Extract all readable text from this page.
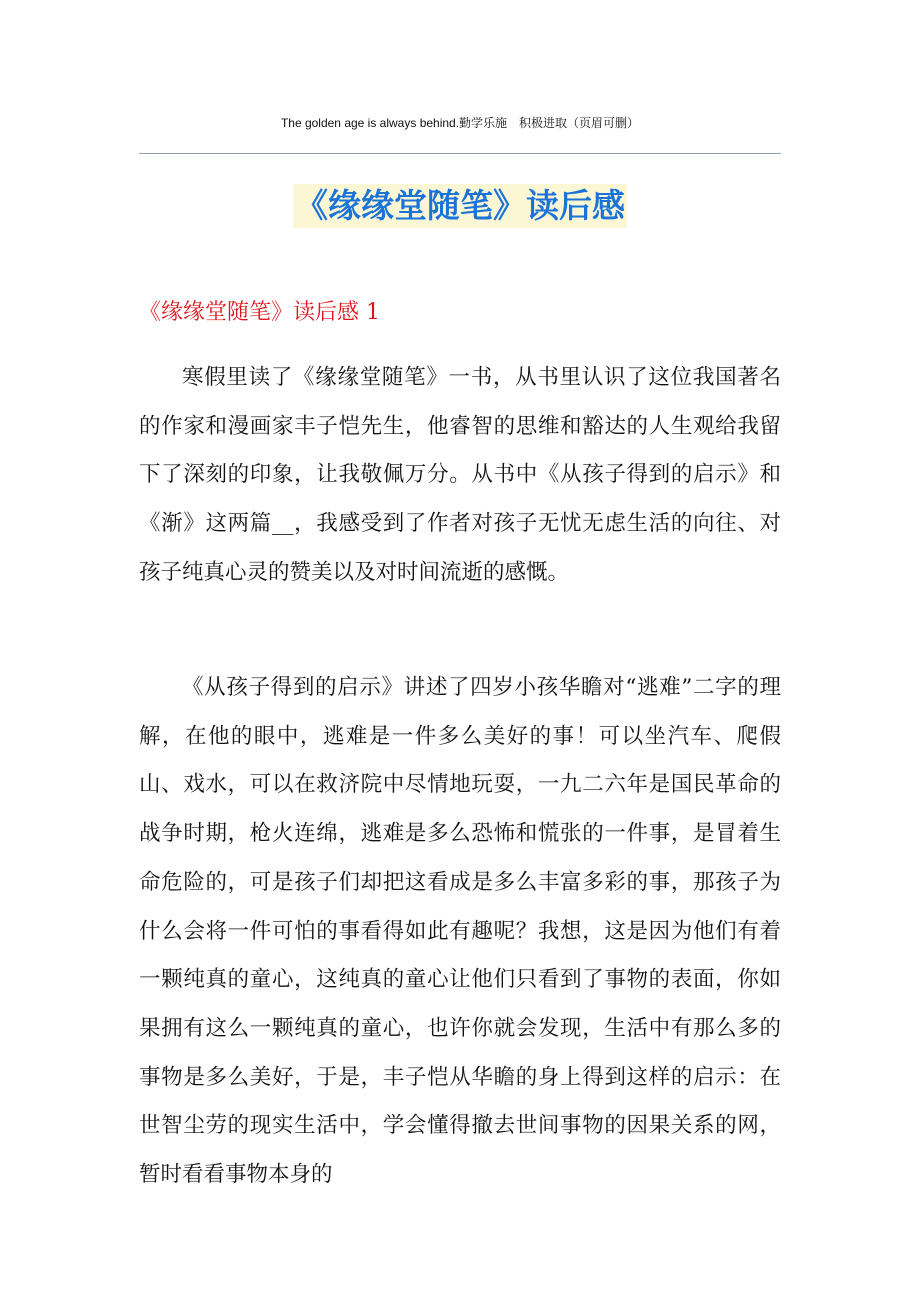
The golden age is always behind.勤学乐施　积极进取（页眉可删）
《缘缘堂随笔》读后感
《缘缘堂随笔》读后感 1

寒假里读了《缘缘堂随笔》一书，从书里认识了这位我国著名的作家和漫画家丰子恺先生，他睿智的思维和豁达的人生观给我留下了深刻的印象，让我敬佩万分。从书中《从孩子得到的启示》和《渐》这两篇__，我感受到了作者对孩子无忧无虑生活的向往、对孩子纯真心灵的赞美以及对时间流逝的感慨。

《从孩子得到的启示》讲述了四岁小孩华瞻对“逃难”二字的理解，在他的眼中，逃难是一件多么美好的事！可以坐汽车、爬假山、戏水，可以在救济院中尽情地玩耍，一九二六年是国民革命的战争时期，枪火连绵，逃难是多么恐怖和慌张的一件事，是冒着生命危险的，可是孩子们却把这看成是多么丰富多彩的事，那孩子为什么会将一件可怕的事看得如此有趣呢？我想，这是因为他们有着一颗纯真的童心，这纯真的童心让他们只看到了事物的表面，你如果拥有这么一颗纯真的童心，也许你就会发现，生活中有那么多的事物是多么美好，于是，丰子恺从华瞻的身上得到这样的启示：在世智尘劳的现实生活中，学会懂得撤去世间事物的因果关系的网，暂时看看事物本身的
